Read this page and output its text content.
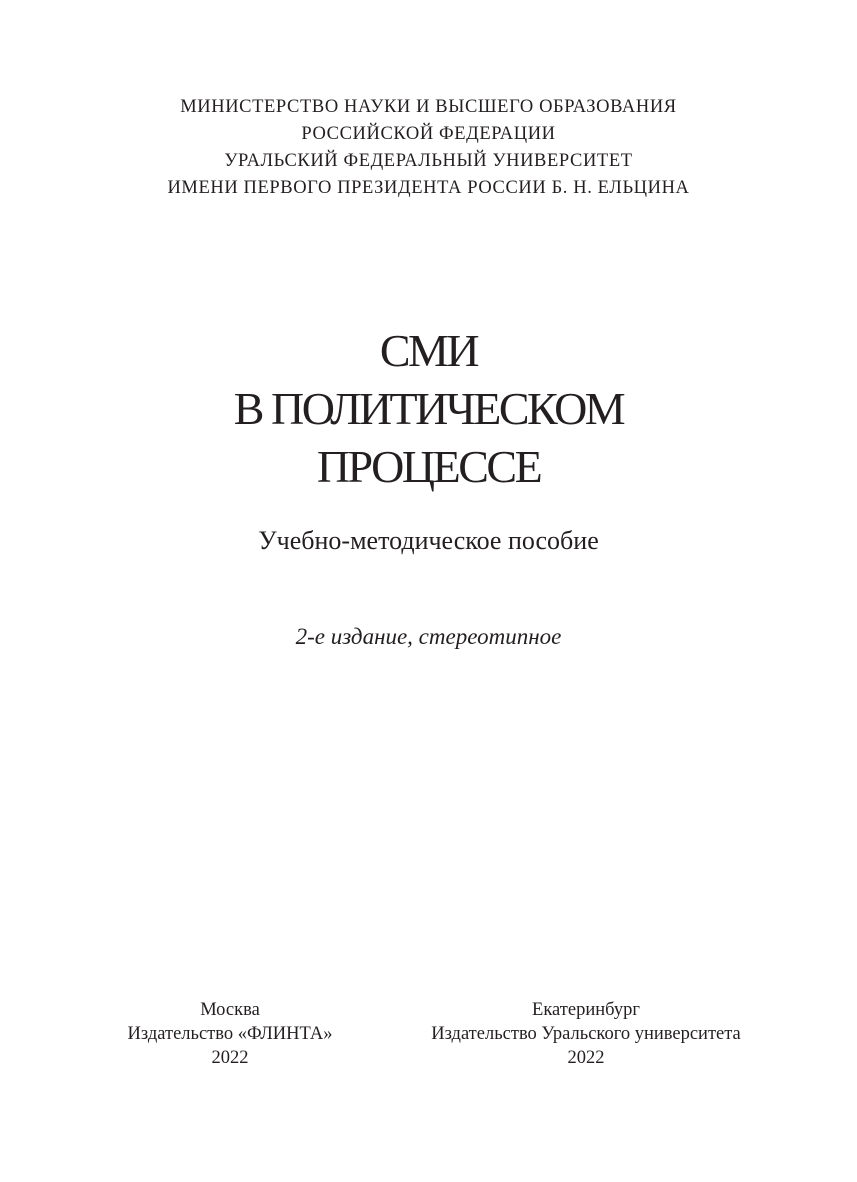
МИНИСТЕРСТВО НАУКИ И ВЫСШЕГО ОБРАЗОВАНИЯ
РОССИЙСКОЙ ФЕДЕРАЦИИ
УРАЛЬСКИЙ ФЕДЕРАЛЬНЫЙ УНИВЕРСИТЕТ
ИМЕНИ ПЕРВОГО ПРЕЗИДЕНТА РОССИИ Б. Н. ЕЛЬЦИНА
СМИ
В ПОЛИТИЧЕСКОМ
ПРОЦЕССЕ
Учебно-методическое пособие
2-е издание, стереотипное
Москва
Издательство «ФЛИНТА»
2022
Екатеринбург
Издательство Уральского университета
2022
